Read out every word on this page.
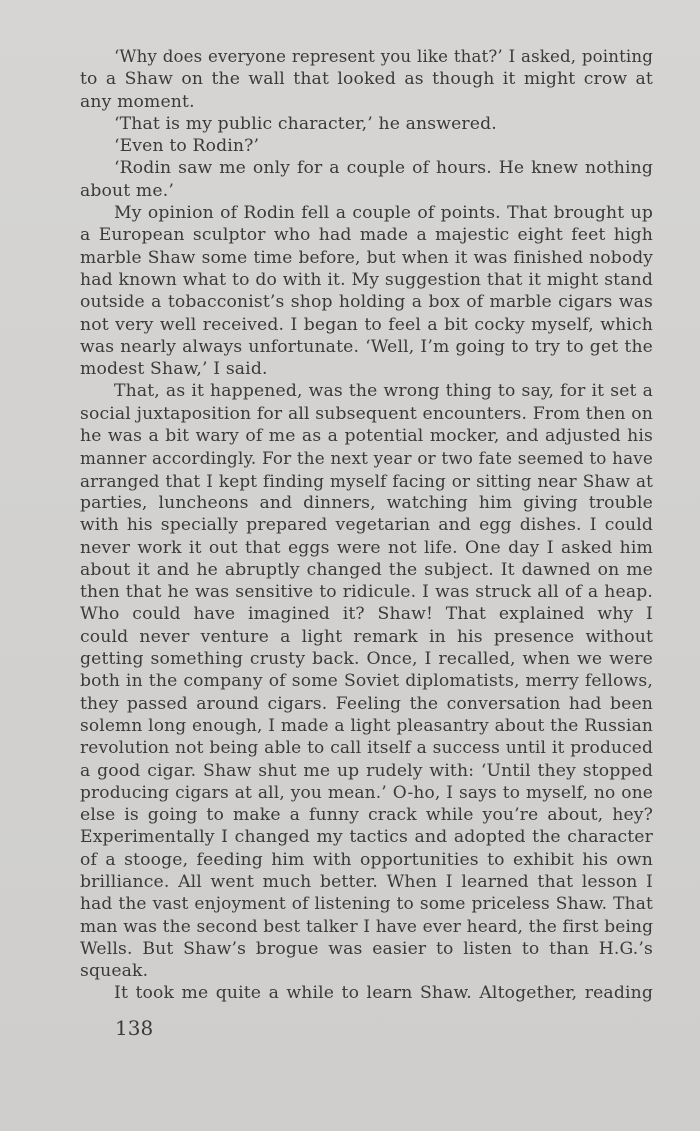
‘Why does everyone represent you like that?’ I asked, pointing
to a Shaw on the wall that looked as though it might crow at
any moment.
‘That is my public character,’ he answered.
‘Even to Rodin?’
‘Rodin saw me only for a couple of hours. He knew nothing
about me.’
My opinion of Rodin fell a couple of points. That brought up
a European sculptor who had made a majestic eight feet high
marble Shaw some time before, but when it was finished nobody
had known what to do with it. My suggestion that it might stand
outside a tobacconist’s shop holding a box of marble cigars was
not very well received. I began to feel a bit cocky myself, which
was nearly always unfortunate. ‘Well, I’m going to try to get the
modest Shaw,’ I said.
That, as it happened, was the wrong thing to say, for it set a
social juxtaposition for all subsequent encounters. From then on
he was a bit wary of me as a potential mocker, and adjusted his
manner accordingly. For the next year or two fate seemed to have
arranged that I kept finding myself facing or sitting near Shaw at
parties, luncheons and dinners, watching him giving trouble
with his specially prepared vegetarian and egg dishes. I could
never work it out that eggs were not life. One day I asked him
about it and he abruptly changed the subject. It dawned on me
then that he was sensitive to ridicule. I was struck all of a heap.
Who could have imagined it? Shaw! That explained why I
could never venture a light remark in his presence without
getting something crusty back. Once, I recalled, when we were
both in the company of some Soviet diplomatists, merry fellows,
they passed around cigars. Feeling the conversation had been
solemn long enough, I made a light pleasantry about the Russian
revolution not being able to call itself a success until it produced
a good cigar. Shaw shut me up rudely with: ‘Until they stopped
producing cigars at all, you mean.’ O-ho, I says to myself, no one
else is going to make a funny crack while you’re about, hey?
Experimentally I changed my tactics and adopted the character
of a stooge, feeding him with opportunities to exhibit his own
brilliance. All went much better. When I learned that lesson I
had the vast enjoyment of listening to some priceless Shaw. That
man was the second best talker I have ever heard, the first being
Wells. But Shaw’s brogue was easier to listen to than H.G.’s
squeak.
It took me quite a while to learn Shaw. Altogether, reading
138
